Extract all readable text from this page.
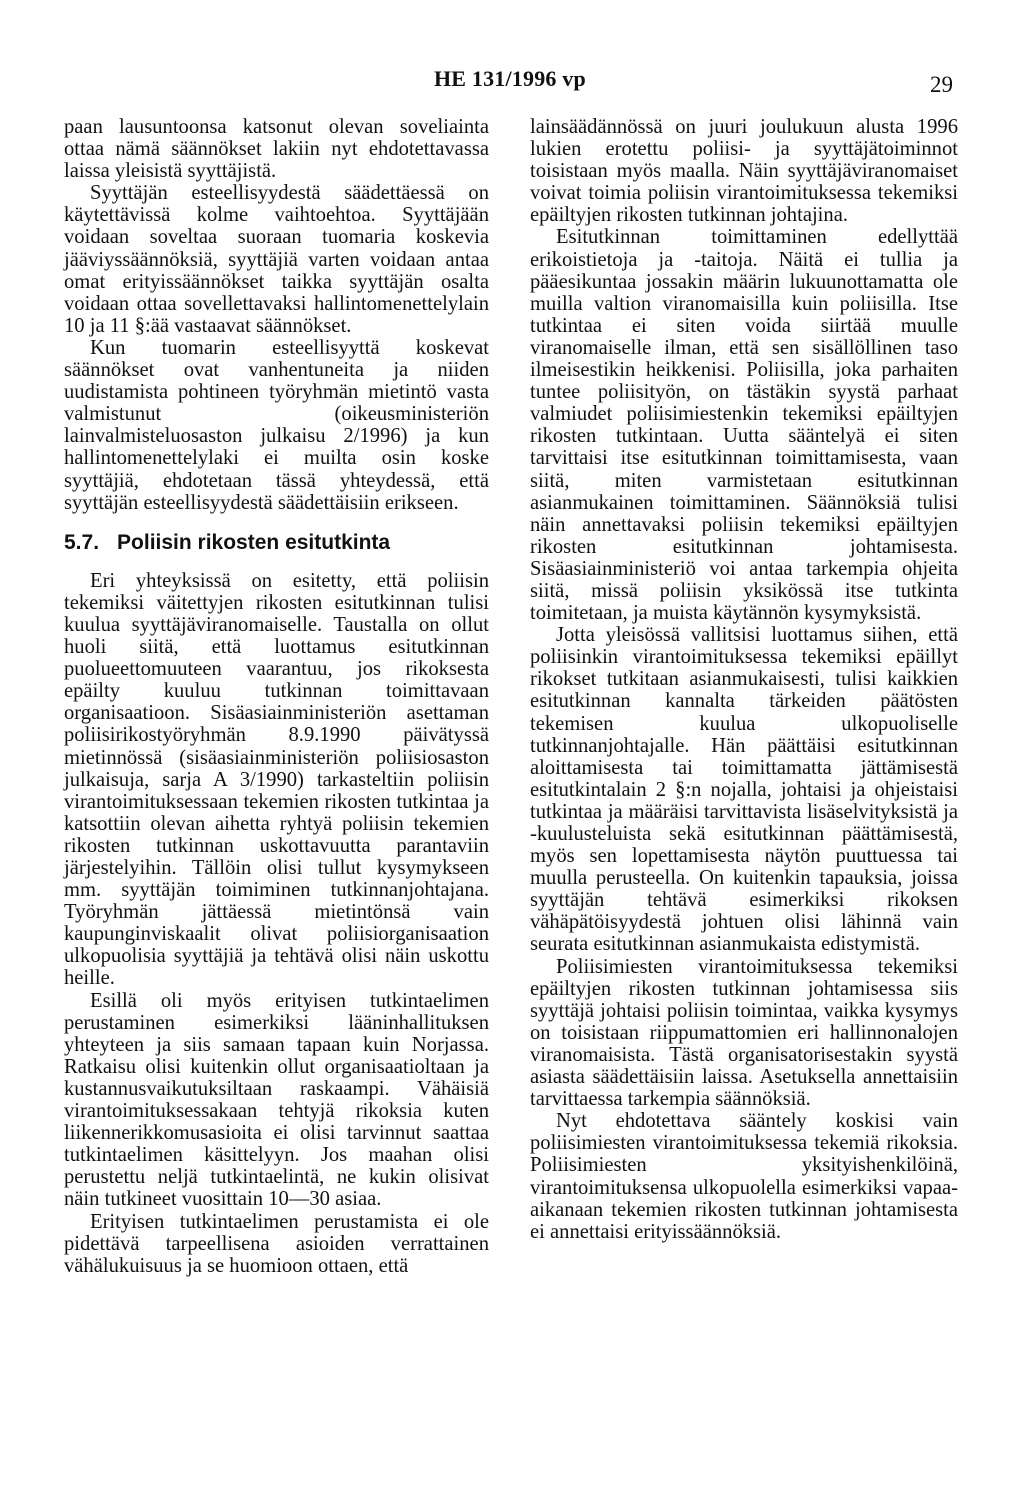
HE 131/1996 vp	29

paan lausuntoonsa katsonut olevan soveliainta ottaa nämä säännökset lakiin nyt ehdotettavassa laissa yleisistä syyttäjistä.

Syyttäjän esteellisyydestä säädettäessä on käytettävissä kolme vaihtoehtoa. Syyttäjään voidaan soveltaa suoraan tuomaria koskevia jääviyssäännöksiä, syyttäjiä varten voidaan antaa omat erityissäännökset taikka syyttäjän osalta voidaan ottaa sovellettavaksi hallintomenettelylain 10 ja 11 §:ää vastaavat säännökset.

Kun tuomarin esteellisyyttä koskevat säännökset ovat vanhentuneita ja niiden uudistamista pohtineen työryhmän mietintö vasta valmistunut (oikeusministeriön lainvalmisteluosaston julkaisu 2/1996) ja kun hallintomenettelylaki ei muilta osin koske syyttäjiä, ehdotetaan tässä yhteydessä, että syyttäjän esteellisyydestä säädettäisiin erikseen.

5.7. Poliisin rikosten esitutkinta

Eri yhteyksissä on esitetty, että poliisin tekemiksi väitettyjen rikosten esitutkinnan tulisi kuulua syyttäjäviranomaiselle. Taustalla on ollut huoli siitä, että luottamus esitutkinnan puolueettomuuteen vaarantuu, jos rikoksesta epäilty kuuluu tutkinnan toimittavaan organisaatioon. Sisäasiainministeriön asettaman poliisirikostyöryhmän 8.9.1990 päivätyssä mietinnössä (sisäasiainministeriön poliisiosaston julkaisuja, sarja A 3/1990) tarkasteltiin poliisin virantoimituksessaan tekemien rikosten tutkintaa ja katsottiin olevan aihetta ryhtyä poliisin tekemien rikosten tutkinnan uskottavuutta parantaviin järjestelyihin. Tällöin olisi tullut kysymykseen mm. syyttäjän toimiminen tutkinnanjohtajana. Työryhmän jättäessä mietintönsä vain kaupunginviskaalit olivat poliisiorganisaation ulkopuolisia syyttäjiä ja tehtävä olisi näin uskottu heille.

Esillä oli myös erityisen tutkintaelimen perustaminen esimerkiksi lääninhallituksen yhteyteen ja siis samaan tapaan kuin Norjassa. Ratkaisu olisi kuitenkin ollut organisaatioltaan ja kustannusvaikutuksiltaan raskaampi. Vähäisiä virantoimituksessakaan tehtyjä rikoksia kuten liikennerikkomusasioita ei olisi tarvinnut saattaa tutkintaelimen käsittelyyn. Jos maahan olisi perustettu neljä tutkintaelintä, ne kukin olisivat näin tutkineet vuosittain 10—30 asiaa.

Erityisen tutkintaelimen perustamista ei ole pidettävä tarpeellisena asioiden verrattainen vähälukuisuus ja se huomioon ottaen, että

lainsäädännössä on juuri joulukuun alusta 1996 lukien erotettu poliisi- ja syyttäjätoiminnot toisistaan myös maalla. Näin syyttäjäviranomaiset voivat toimia poliisin virantoimituksessa tekemiksi epäiltyjen rikosten tutkinnan johtajina.

Esitutkinnan toimittaminen edellyttää erikoistietoja ja -taitoja. Näitä ei tullia ja pääesikuntaa jossakin määrin lukuunottamatta ole muilla valtion viranomaisilla kuin poliisilla. Itse tutkintaa ei siten voida siirtää muulle viranomaiselle ilman, että sen sisällöllinen taso ilmeisestikin heikkenisi. Poliisilla, joka parhaiten tuntee poliisityön, on tästäkin syystä parhaat valmiudet poliisimiestenkin tekemiksi epäiltyjen rikosten tutkintaan. Uutta sääntelyä ei siten tarvittaisi itse esitutkinnan toimittamisesta, vaan siitä, miten varmistetaan esitutkinnan asianmukainen toimittaminen. Säännöksiä tulisi näin annettavaksi poliisin tekemiksi epäiltyjen rikosten esitutkinnan johtamisesta. Sisäasiainministeriö voi antaa tarkempia ohjeita siitä, missä poliisin yksikössä itse tutkinta toimitetaan, ja muista käytännön kysymyksistä.

Jotta yleisössä vallitsisi luottamus siihen, että poliisinkin virantoimituksessa tekemiksi epäillyt rikokset tutkitaan asianmukaisesti, tulisi kaikkien esitutkinnan kannalta tärkeiden päätösten tekemisen kuulua ulkopuoliselle tutkinnanjohtajalle. Hän päättäisi esitutkinnan aloittamisesta tai toimittamatta jättämisestä esitutkintalain 2 §:n nojalla, johtaisi ja ohjeistaisi tutkintaa ja määräisi tarvittavista lisäselvityksistä ja -kuulusteluista sekä esitutkinnan päättämisestä, myös sen lopettamisesta näytön puuttuessa tai muulla perusteella. On kuitenkin tapauksia, joissa syyttäjän tehtävä esimerkiksi rikoksen vähäpätöisyydestä johtuen olisi lähinnä vain seurata esitutkinnan asianmukaista edistymistä.

Poliisimiesten virantoimituksessa tekemiksi epäiltyjen rikosten tutkinnan johtamisessa siis syyttäjä johtaisi poliisin toimintaa, vaikka kysymys on toisistaan riippumattomien eri hallinnonalojen viranomaisista. Tästä organisatorisestakin syystä asiasta säädettäisiin laissa. Asetuksella annettaisiin tarvittaessa tarkempia säännöksiä.

Nyt ehdotettava sääntely koskisi vain poliisimiesten virantoimituksessa tekemiä rikoksia. Poliisimiesten yksityishenkilöinä, virantoimituksensa ulkopuolella esimerkiksi vapaa-aikanaan tekemien rikosten tutkinnan johtamisesta ei annettaisi erityissäännöksiä.
